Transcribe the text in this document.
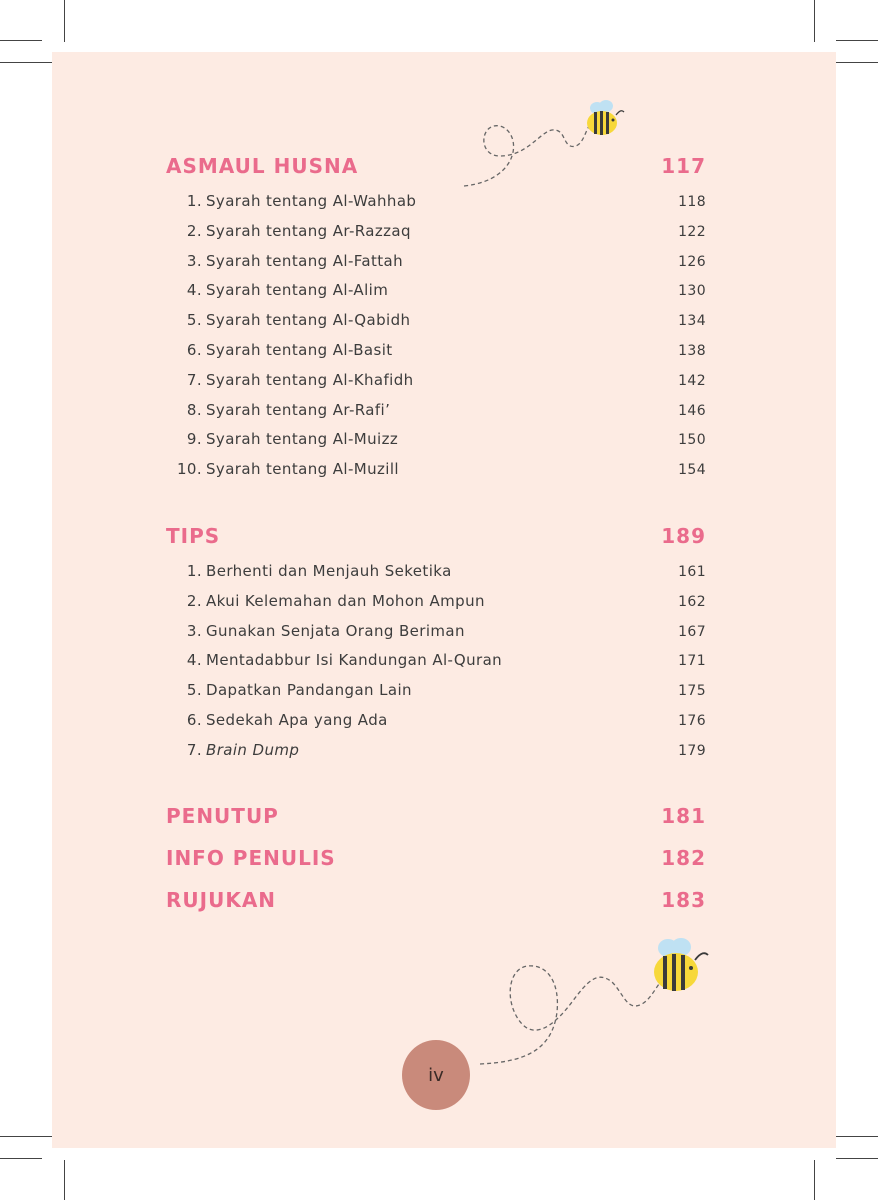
ASMAUL HUSNA	117
1. Syarah tentang Al-Wahhab	118
2. Syarah tentang Ar-Razzaq	122
3. Syarah tentang Al-Fattah	126
4. Syarah tentang Al-Alim	130
5. Syarah tentang Al-Qabidh	134
6. Syarah tentang Al-Basit	138
7. Syarah tentang Al-Khafidh	142
8. Syarah tentang Ar-Rafi’	146
9. Syarah tentang Al-Muizz	150
10. Syarah tentang Al-Muzill	154
TIPS	189
1. Berhenti dan Menjauh Seketika	161
2. Akui Kelemahan dan Mohon Ampun	162
3. Gunakan Senjata Orang Beriman	167
4. Mentadabbur Isi Kandungan Al-Quran	171
5. Dapatkan Pandangan Lain	175
6. Sedekah Apa yang Ada	176
7. Brain Dump	179
PENUTUP	181
INFO PENULIS	182
RUJUKAN	183
iv
